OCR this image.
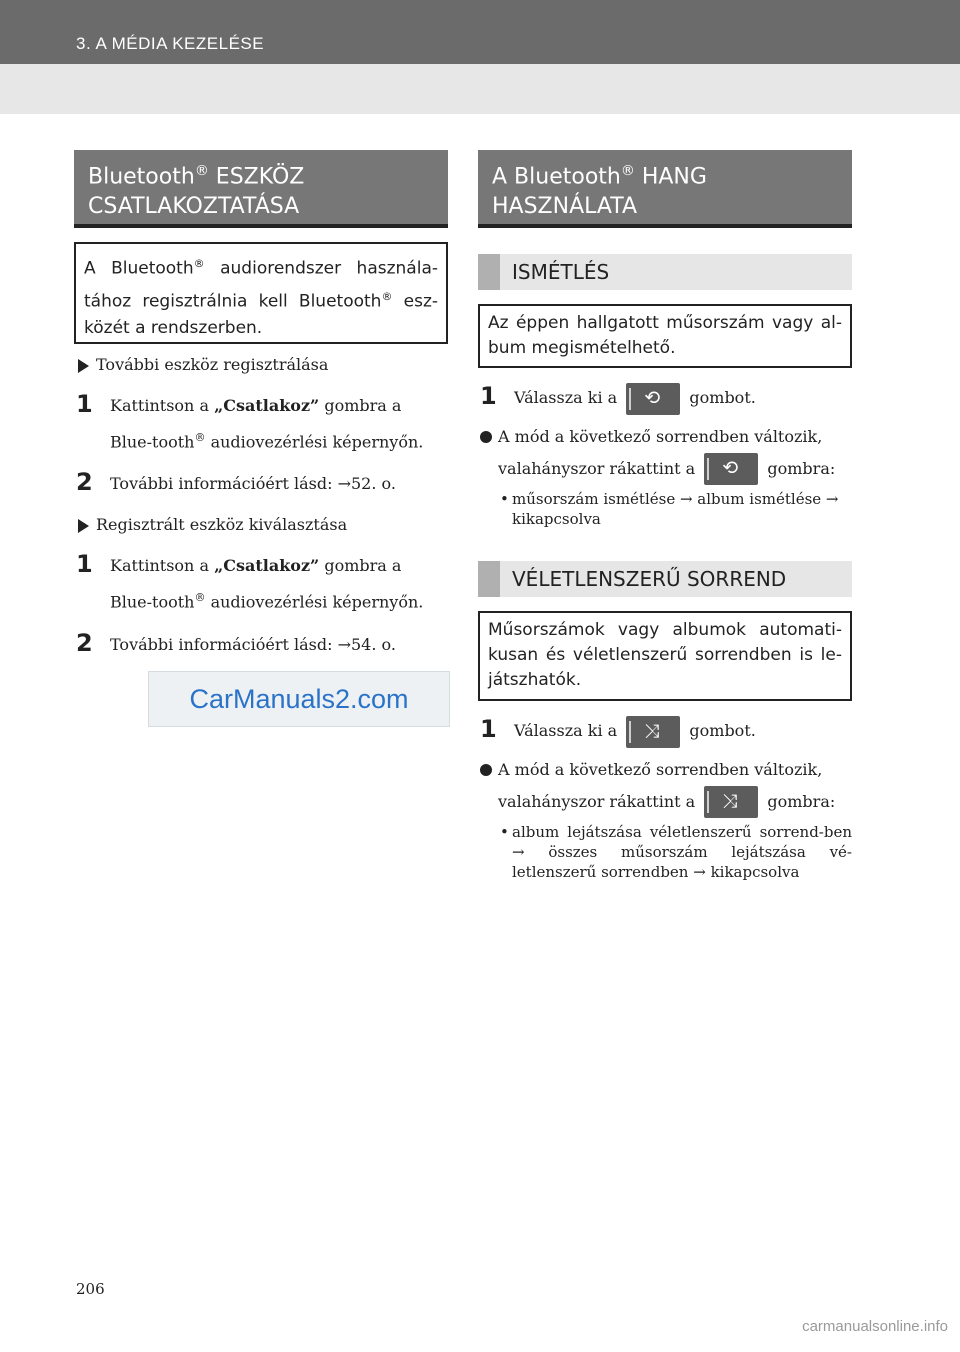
3. A MÉDIA KEZELÉSE
Bluetooth® ESZKÖZ
CSATLAKOZTATÁSA
A Bluetooth® audiorendszer használa-tához regisztrálnia kell Bluetooth® esz-közét a rendszerben.
További eszköz regisztrálása
1 Kattintson a „Csatlakoz” gombra a Blue-tooth® audiovezérlési képernyőn.
2 További információért lásd: →52. o.
Regisztrált eszköz kiválasztása
1 Kattintson a „Csatlakoz” gombra a Blue-tooth® audiovezérlési képernyőn.
2 További információért lásd: →54. o.
CarManuals2.com
A Bluetooth® HANG
HASZNÁLATA
ISMÉTLÉS
Az éppen hallgatott műsorszám vagy al-bum megismételhető.
1 Válassza ki a ⟲ gombot.
A mód a következő sorrendben változik,
valahányszor rákattint a ⟲ gombra:
• műsorszám ismétlése → album ismétlése → kikapcsolva
VÉLETLENSZERŰ SORREND
Műsorszámok vagy albumok automati-kusan és véletlenszerű sorrendben is le-játszhatók.
1 Válassza ki a ⤨ gombot.
A mód a következő sorrendben változik,
valahányszor rákattint a ⤨ gombra:
• album lejátszása véletlenszerű sorrend-ben → összes műsorszám lejátszása vé-letlenszerű sorrendben → kikapcsolva
206
carmanualsonline.info
